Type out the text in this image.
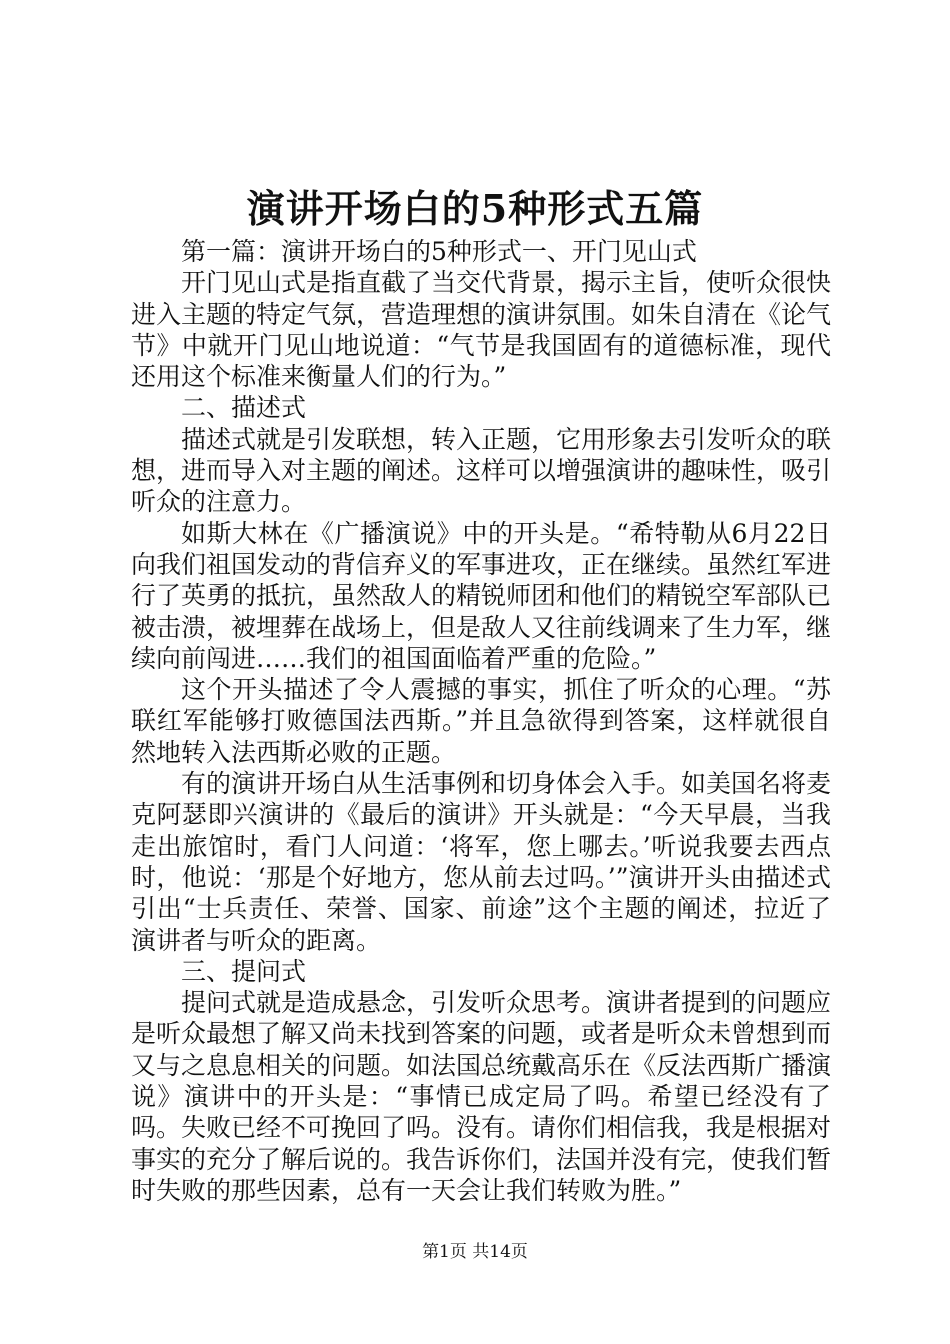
演讲开场白的5种形式五篇

第一篇：演讲开场白的5种形式一、开门见山式

开门见山式是指直截了当交代背景，揭示主旨，使听众很快进入主题的特定气氛，营造理想的演讲氛围。如朱自清在《论气节》中就开门见山地说道：“气节是我国固有的道德标准，现代还用这个标准来衡量人们的行为。”

二、描述式

描述式就是引发联想，转入正题，它用形象去引发听众的联想，进而导入对主题的阐述。这样可以增强演讲的趣味性，吸引听众的注意力。

如斯大林在《广播演说》中的开头是。“希特勒从6月22日向我们祖国发动的背信弃义的军事进攻，正在继续。虽然红军进行了英勇的抵抗，虽然敌人的精锐师团和他们的精锐空军部队已被击溃，被埋葬在战场上，但是敌人又往前线调来了生力军，继续向前闯进……我们的祖国面临着严重的危险。”

这个开头描述了令人震撼的事实，抓住了听众的心理。“苏联红军能够打败德国法西斯。”并且急欲得到答案，这样就很自然地转入法西斯必败的正题。

有的演讲开场白从生活事例和切身体会入手。如美国名将麦克阿瑟即兴演讲的《最后的演讲》开头就是：“今天早晨，当我走出旅馆时，看门人问道：‘将军，您上哪去。’听说我要去西点时，他说：‘那是个好地方，您从前去过吗。’”演讲开头由描述式引出“士兵责任、荣誉、国家、前途”这个主题的阐述，拉近了演讲者与听众的距离。

三、提问式

提问式就是造成悬念，引发听众思考。演讲者提到的问题应是听众最想了解又尚未找到答案的问题，或者是听众未曾想到而又与之息息相关的问题。如法国总统戴高乐在《反法西斯广播演说》演讲中的开头是：“事情已成定局了吗。希望已经没有了吗。失败已经不可挽回了吗。没有。请你们相信我，我是根据对事实的充分了解后说的。我告诉你们，法国并没有完，使我们暂时失败的那些因素，总有一天会让我们转败为胜。”

第1页 共14页
